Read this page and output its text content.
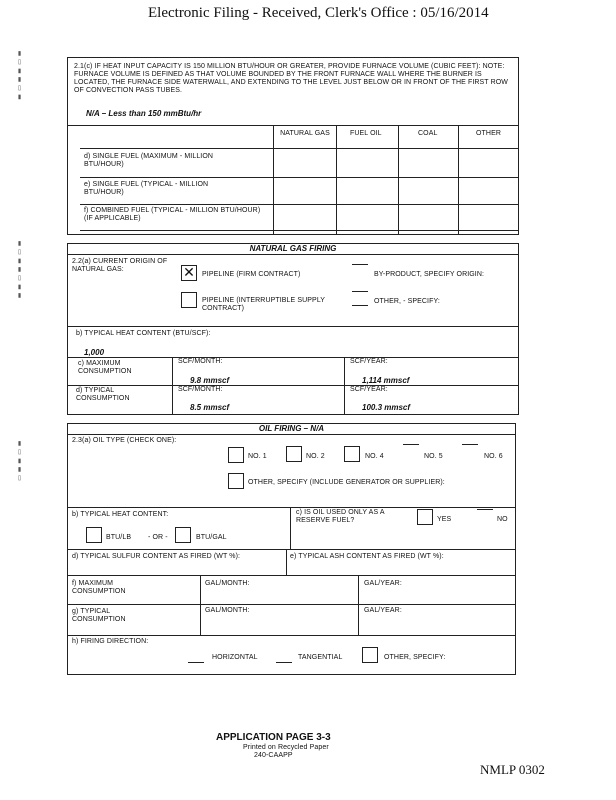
Electronic Filing - Received, Clerk's Office : 05/16/2014
▮ ▯ ▮ ▮ ▯ ▮
▮ ▯ ▮ ▮ ▯ ▮ ▮
▮ ▯ ▮ ▮ ▯
2.1(c) IF HEAT INPUT CAPACITY IS 150 MILLION BTU/HOUR OR GREATER, PROVIDE FURNACE VOLUME (CUBIC FEET): NOTE: FURNACE VOLUME IS DEFINED AS THAT VOLUME BOUNDED BY THE FRONT FURNACE WALL WHERE THE BURNER IS LOCATED, THE FURNACE SIDE WATERWALL, AND EXTENDING TO THE LEVEL JUST BELOW OR IN FRONT OF THE FIRST ROW OF CONVECTION PASS TUBES.
N/A – Less than 150 mmBtu/hr
NATURAL GAS	FUEL OIL	COAL	OTHER
d) SINGLE FUEL (MAXIMUM - MILLION BTU/HOUR)
e) SINGLE FUEL (TYPICAL - MILLION BTU/HOUR)
f) COMBINED FUEL (TYPICAL - MILLION BTU/HOUR) (IF APPLICABLE)
NATURAL GAS FIRING
2.2(a) CURRENT ORIGIN OF NATURAL GAS:	✕	PIPELINE (FIRM CONTRACT)	BY-PRODUCT, SPECIFY ORIGIN:
PIPELINE (INTERRUPTIBLE SUPPLY CONTRACT)
OTHER, - SPECIFY:
b) TYPICAL HEAT CONTENT (BTU/SCF):
1,000
c) MAXIMUM CONSUMPTION
SCF/MONTH:	SCF/YEAR:
9.8 mmscf	1,114 mmscf
d) TYPICAL CONSUMPTION
SCF/MONTH:	SCF/YEAR:
8.5 mmscf	100.3 mmscf
OIL FIRING – N/A
2.3(a) OIL TYPE (CHECK ONE):
NO. 1	NO. 2	NO. 4	NO. 5	NO. 6
OTHER, SPECIFY (INCLUDE GENERATOR OR SUPPLIER):
b) TYPICAL HEAT CONTENT:
BTU/LB - OR -	BTU/GAL
c) IS OIL USED ONLY AS A RESERVE FUEL?	YES	NO
d) TYPICAL SULFUR CONTENT AS FIRED (WT %):	e) TYPICAL ASH CONTENT AS FIRED (WT %):
f) MAXIMUM CONSUMPTION
GAL/MONTH:	GAL/YEAR:
g) TYPICAL CONSUMPTION
GAL/MONTH:	GAL/YEAR:
h) FIRING DIRECTION:
HORIZONTAL	TANGENTIAL	OTHER, SPECIFY:
APPLICATION PAGE 3-3
Printed on Recycled Paper
240-CAAPP
NMLP 0302
